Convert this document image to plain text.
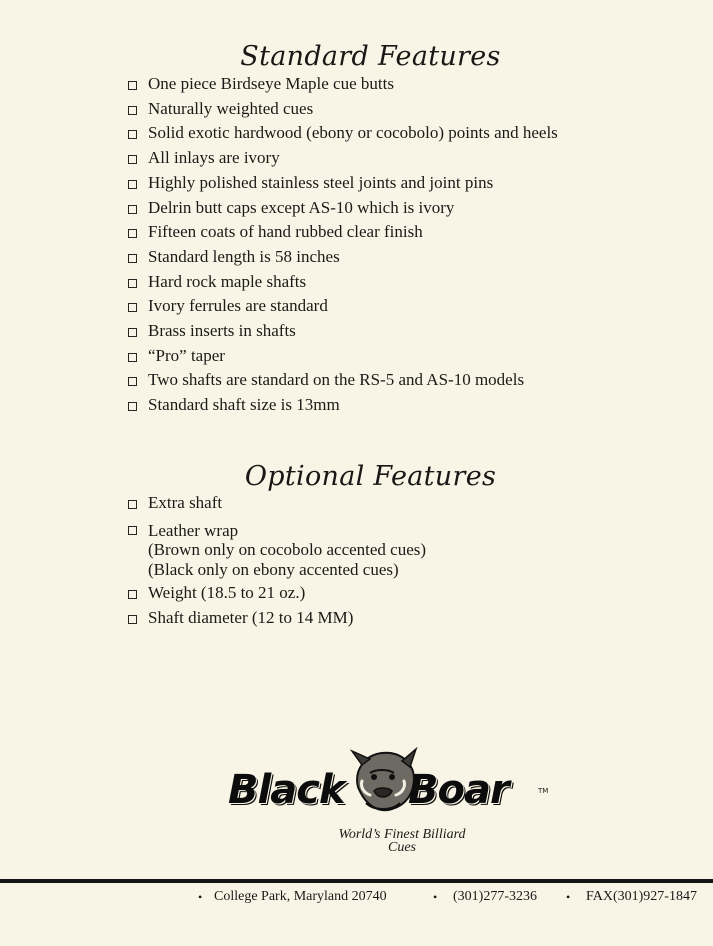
Standard Features
One piece Birdseye Maple cue butts
Naturally weighted cues
Solid exotic hardwood (ebony or cocobolo) points and heels
All inlays are ivory
Highly polished stainless steel joints and joint pins
Delrin butt caps except AS-10 which is ivory
Fifteen coats of hand rubbed clear finish
Standard length is 58 inches
Hard rock maple shafts
Ivory ferrules are standard
Brass inserts in shafts
“Pro” taper
Two shafts are standard on the RS-5 and AS-10 models
Standard shaft size is 13mm
Optional Features
Extra shaft
Leather wrap
(Brown only on cocobolo accented cues)
(Black only on ebony accented cues)
Weight (18.5 to 21 oz.)
Shaft diameter (12 to 14 MM)
Black Boar	TM
World’s Finest Billiard
Cues
• College Park, Maryland 20740	• (301)277-3236 • FAX(301)927-1847
